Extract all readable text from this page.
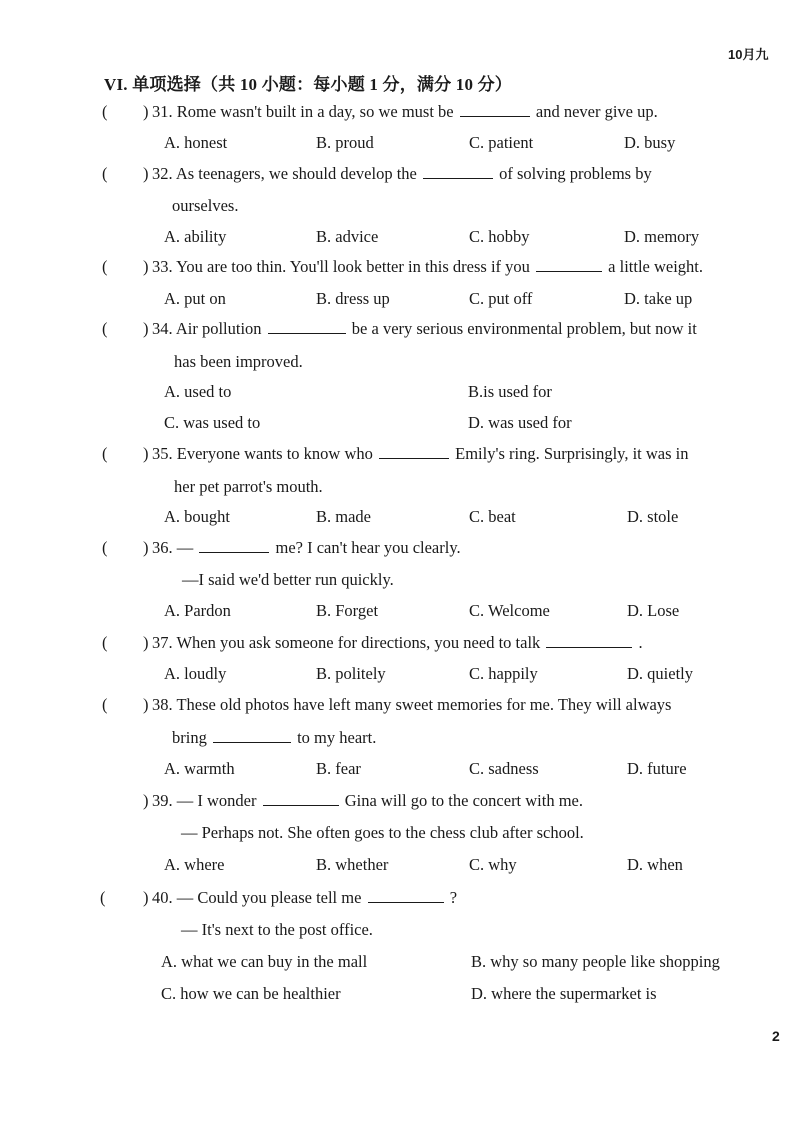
10月九
VI. 单项选择（共 10 小题：每小题 1 分，满分 10 分）
( ) 31. Rome wasn't built in a day, so we must be	and never give up.
A. honest	B. proud	C. patient	D. busy
( ) 32. As teenagers, we should develop the	of solving problems by
ourselves.
A. ability	B. advice	C. hobby	D. memory
( ) 33. You are too thin. You'll look better in this dress if you	a little weight.
A. put on	B. dress up	C. put off	D. take up
( ) 34. Air pollution	be a very serious environmental problem, but now it
has been improved.
A. used to	B.is used for
C. was used to	D. was used for
( ) 35. Everyone wants to know who	Emily's ring. Surprisingly, it was in
her pet parrot's mouth.
A. bought	B. made	C. beat	D. stole
( ) 36. —	me? I can't hear you clearly.
—I said we'd better run quickly.
A. Pardon	B. Forget	C. Welcome	D. Lose
( ) 37. When you ask someone for directions, you need to talk	.
A. loudly	B. politely	C. happily	D. quietly
( ) 38. These old photos have left many sweet memories for me. They will always
bring	to my heart.
A. warmth	B. fear	C. sadness	D. future
) 39. — I wonder	Gina will go to the concert with me.
— Perhaps not. She often goes to the chess club after school.
A. where	B. whether	C. why	D. when
( ) 40. — Could you please tell me	?
— It's next to the post office.
A. what we can buy in the mall	B. why so many people like shopping
C. how we can be healthier	D. where the supermarket is
2
